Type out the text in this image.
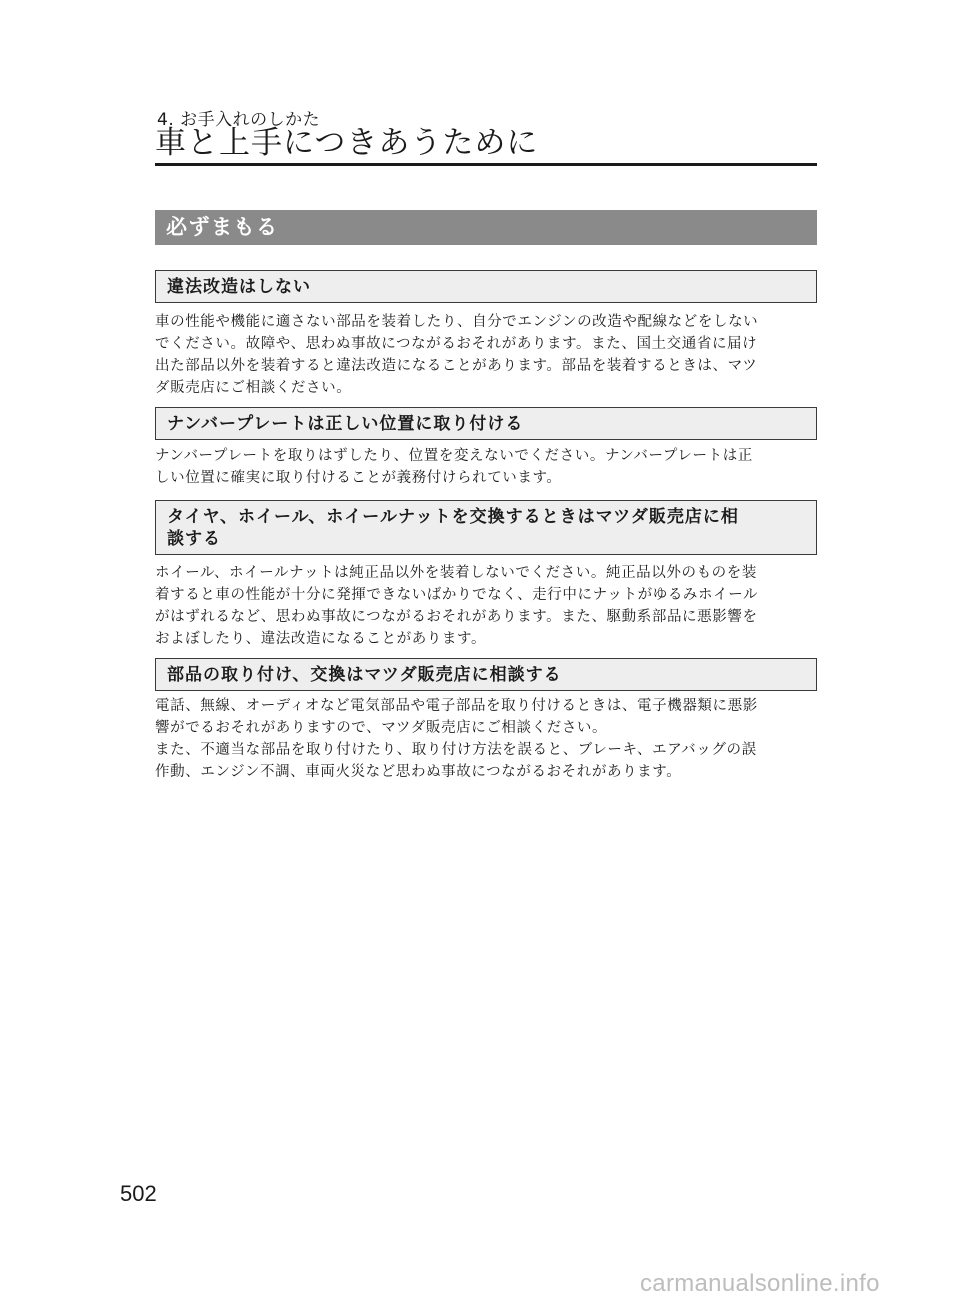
4. お手入れのしかた
車と上手につきあうために
必ずまもる
違法改造はしない

車の性能や機能に適さない部品を装着したり、自分でエンジンの改造や配線などをしない
でください。故障や、思わぬ事故につながるおそれがあります。また、国土交通省に届け
出た部品以外を装着すると違法改造になることがあります。部品を装着するときは、マツ
ダ販売店にご相談ください。

ナンバープレートは正しい位置に取り付ける

ナンバープレートを取りはずしたり、位置を変えないでください。ナンバープレートは正
しい位置に確実に取り付けることが義務付けられています。

タイヤ、ホイール、ホイールナットを交換するときはマツダ販売店に相
談する

ホイール、ホイールナットは純正品以外を装着しないでください。純正品以外のものを装
着すると車の性能が十分に発揮できないばかりでなく、走行中にナットがゆるみホイール
がはずれるなど、思わぬ事故につながるおそれがあります。また、駆動系部品に悪影響を
およぼしたり、違法改造になることがあります。

部品の取り付け、交換はマツダ販売店に相談する

電話、無線、オーディオなど電気部品や電子部品を取り付けるときは、電子機器類に悪影
響がでるおそれがありますので、マツダ販売店にご相談ください。
また、不適当な部品を取り付けたり、取り付け方法を誤ると、ブレーキ、エアバッグの誤
作動、エンジン不調、車両火災など思わぬ事故につながるおそれがあります。

502
carmanualsonline.info
